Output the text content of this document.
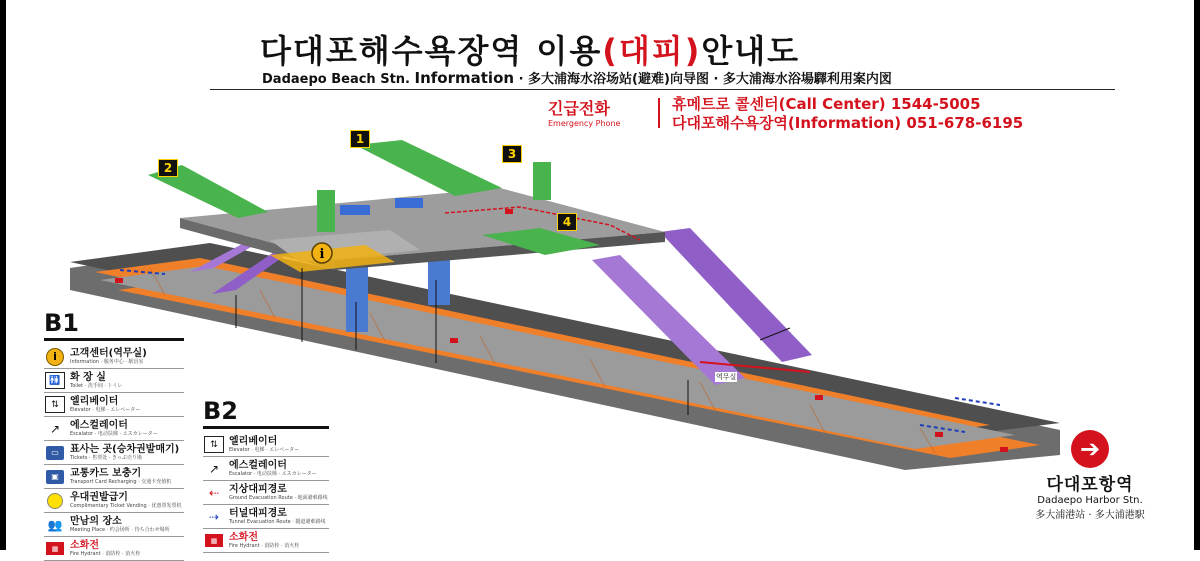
다대포해수욕장역 이용(대피)안내도
Dadaepo Beach Stn. Information · 多大浦海水浴场站(避难)向导图 · 多大浦海水浴場驛利用案内図
긴급전화
Emergency Phone
휴메트로 콜센터(Call Center) 1544-5005
다대포해수욕장역(Information) 051-678-6195
i
1
2
3
4
역무실
B1
i	고객센터(역무실)
Information · 服务中心 · 駅員室
🚻 화 장 실
Toilet · 洗手间 · トイレ
⇅	엘리베이터
Elevator · 电梯 · エレベーター
↗ 에스컬레이터
Escalator · 电动扶梯 · エスカレーター
▭	표사는 곳(승차권발매기)
Tickets · 售票处 · きっぷ売り場
▣	교통카드 보충기
Transport Card Recharging · 交通卡充值机
우대권발급기
Complimentary Ticket Vending · 优惠票发票机
👥 만남의 장소
Meeting Place · 约会场所 · 待ち合わせ場所
▦	소화전
Fire Hydrant · 消防栓 · 消火栓
B2
⇅	엘리베이터
Elevator · 电梯 · エレベーター
↗ 에스컬레이터
Escalator · 电动扶梯 · エスカレーター
⇠ 지상대피경로
Ground Evacuation Route · 地面避难路线
⇢ 터널대피경로
Tunnel Evacuation Route · 隧道避难路线
▦	소화전
Fire Hydrant · 消防栓 · 消火栓
➔
다대포항역
Dadaepo Harbor Stn.
多大浦港站 · 多大浦港駅
